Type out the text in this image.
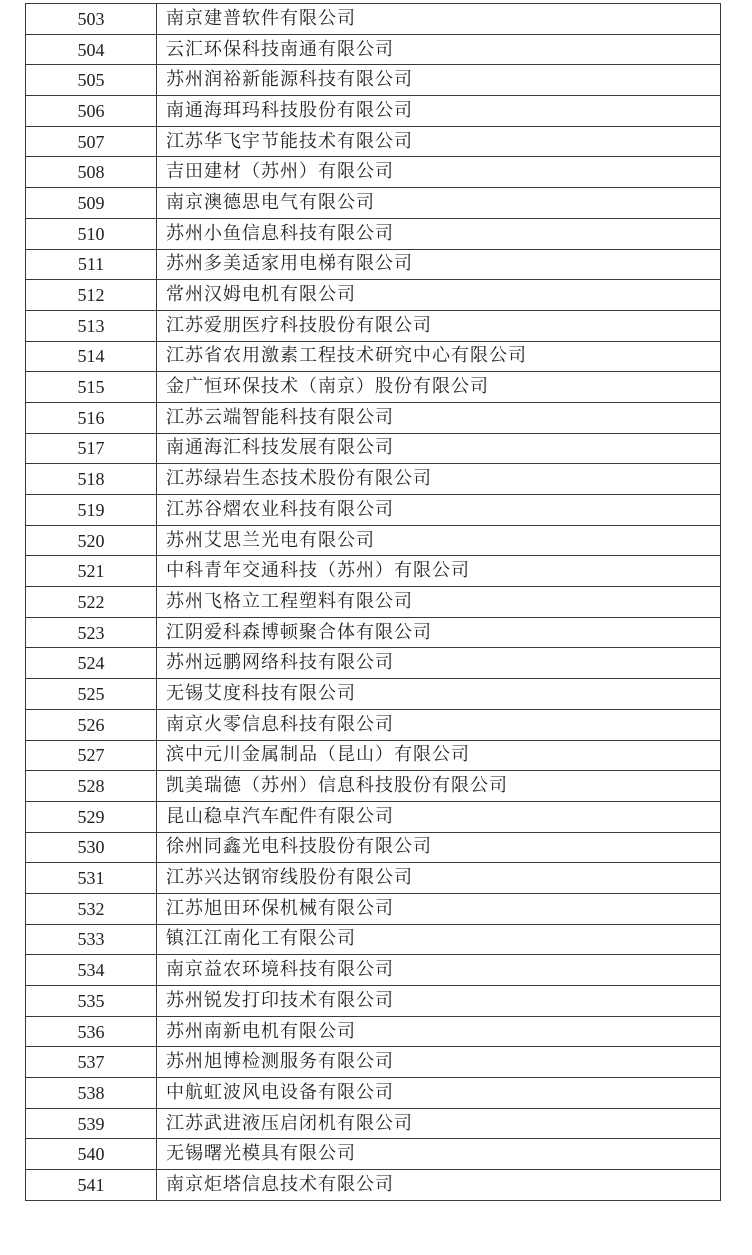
503	南京建普软件有限公司
504	云汇环保科技南通有限公司
505	苏州润裕新能源科技有限公司
506	南通海珥玛科技股份有限公司
507	江苏华飞宇节能技术有限公司
508	吉田建材（苏州）有限公司
509	南京澳德思电气有限公司
510	苏州小鱼信息科技有限公司
511	苏州多美适家用电梯有限公司
512	常州汉姆电机有限公司
513	江苏爱朋医疗科技股份有限公司
514	江苏省农用激素工程技术研究中心有限公司
515	金广恒环保技术（南京）股份有限公司
516	江苏云端智能科技有限公司
517	南通海汇科技发展有限公司
518	江苏绿岩生态技术股份有限公司
519	江苏谷熠农业科技有限公司
520	苏州艾思兰光电有限公司
521	中科青年交通科技（苏州）有限公司
522	苏州飞格立工程塑料有限公司
523	江阴爱科森博顿聚合体有限公司
524	苏州远鹏网络科技有限公司
525	无锡艾度科技有限公司
526	南京火零信息科技有限公司
527	滨中元川金属制品（昆山）有限公司
528	凯美瑞德（苏州）信息科技股份有限公司
529	昆山稳卓汽车配件有限公司
530	徐州同鑫光电科技股份有限公司
531	江苏兴达钢帘线股份有限公司
532	江苏旭田环保机械有限公司
533	镇江江南化工有限公司
534	南京益农环境科技有限公司
535	苏州锐发打印技术有限公司
536	苏州南新电机有限公司
537	苏州旭博检测服务有限公司
538	中航虹波风电设备有限公司
539	江苏武进液压启闭机有限公司
540	无锡曙光模具有限公司
541	南京炬塔信息技术有限公司
